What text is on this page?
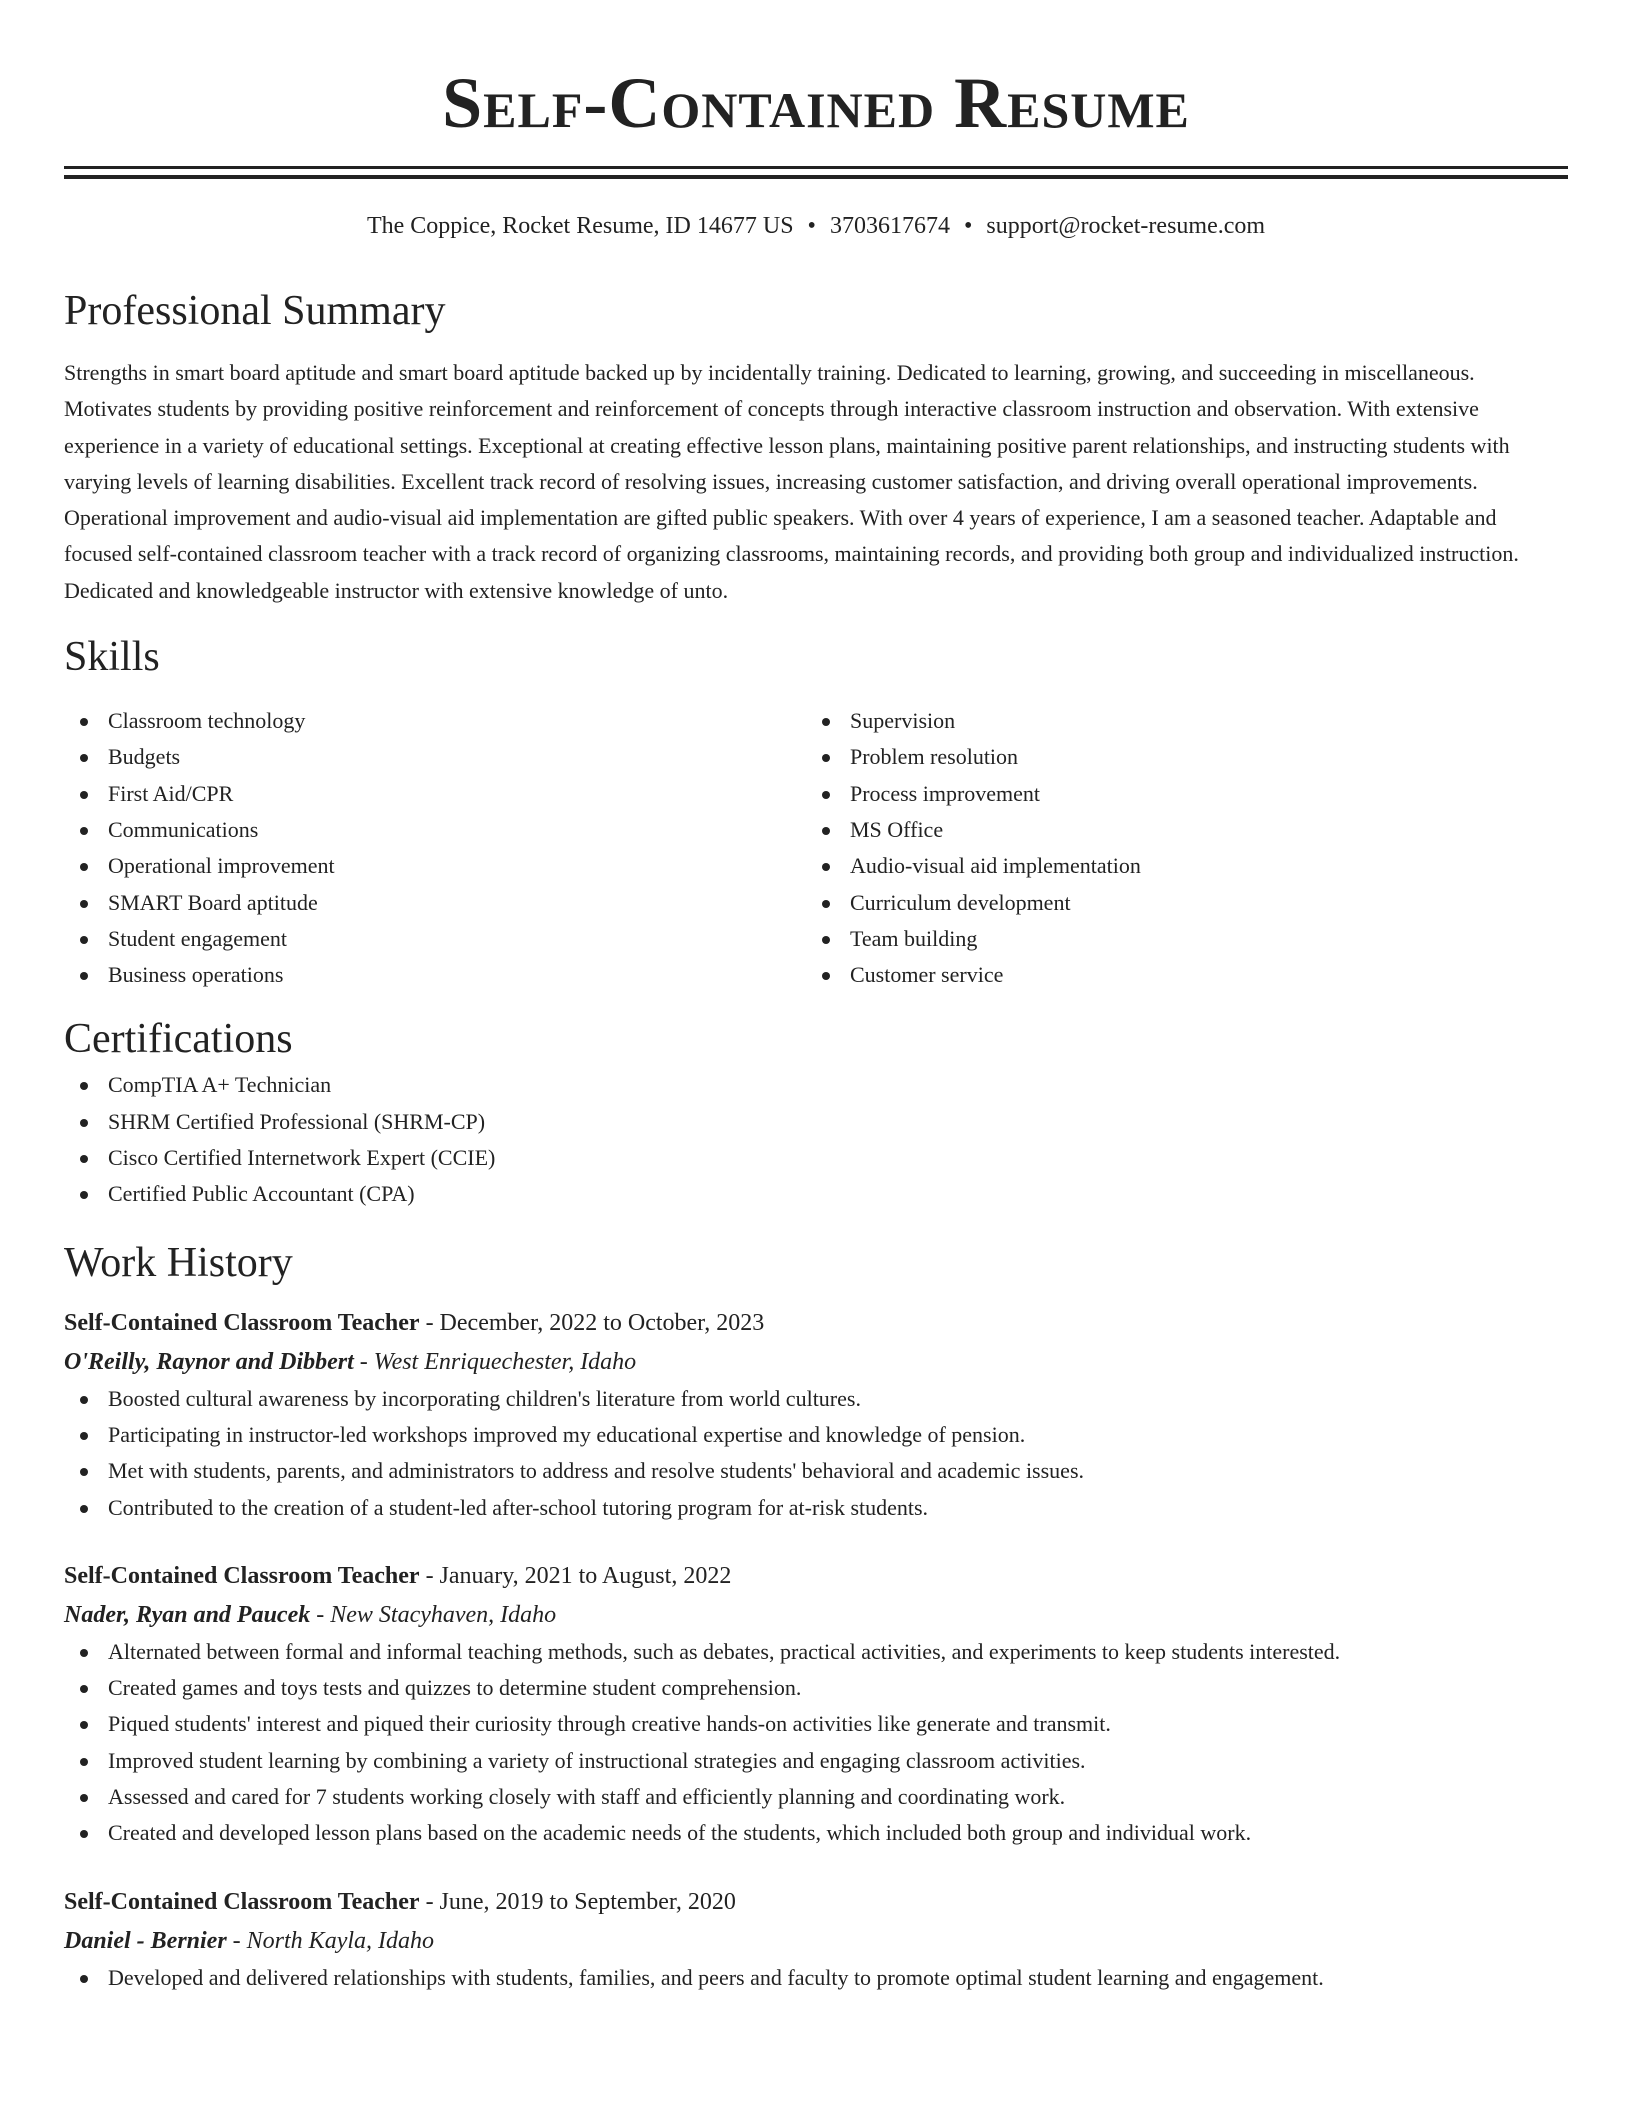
Self-Contained Resume
The Coppice, Rocket Resume, ID 14677 US • 3703617674 • support@rocket-resume.com
Professional Summary

Strengths in smart board aptitude and smart board aptitude backed up by incidentally training. Dedicated to learning, growing, and succeeding in miscellaneous. Motivates students by providing positive reinforcement and reinforcement of concepts through interactive classroom instruction and observation. With extensive experience in a variety of educational settings. Exceptional at creating effective lesson plans, maintaining positive parent relationships, and instructing students with varying levels of learning disabilities. Excellent track record of resolving issues, increasing customer satisfaction, and driving overall operational improvements. Operational improvement and audio-visual aid implementation are gifted public speakers. With over 4 years of experience, I am a seasoned teacher. Adaptable and focused self-contained classroom teacher with a track record of organizing classrooms, maintaining records, and providing both group and individualized instruction. Dedicated and knowledgeable instructor with extensive knowledge of unto.

Skills
Classroom technology
Budgets
First Aid/CPR
Communications
Operational improvement
SMART Board aptitude
Student engagement
Business operations
Supervision
Problem resolution
Process improvement
MS Office
Audio-visual aid implementation
Curriculum development
Team building
Customer service
Certifications
CompTIA A+ Technician
SHRM Certified Professional (SHRM-CP)
Cisco Certified Internetwork Expert (CCIE)
Certified Public Accountant (CPA)
Work History
Self-Contained Classroom Teacher - December, 2022 to October, 2023
O'Reilly, Raynor and Dibbert - West Enriquechester, Idaho
Boosted cultural awareness by incorporating children's literature from world cultures.
Participating in instructor-led workshops improved my educational expertise and knowledge of pension.
Met with students, parents, and administrators to address and resolve students' behavioral and academic issues.
Contributed to the creation of a student-led after-school tutoring program for at-risk students.
Self-Contained Classroom Teacher - January, 2021 to August, 2022
Nader, Ryan and Paucek - New Stacyhaven, Idaho
Alternated between formal and informal teaching methods, such as debates, practical activities, and experiments to keep students interested.
Created games and toys tests and quizzes to determine student comprehension.
Piqued students' interest and piqued their curiosity through creative hands-on activities like generate and transmit.
Improved student learning by combining a variety of instructional strategies and engaging classroom activities.
Assessed and cared for 7 students working closely with staff and efficiently planning and coordinating work.
Created and developed lesson plans based on the academic needs of the students, which included both group and individual work.
Self-Contained Classroom Teacher - June, 2019 to September, 2020
Daniel - Bernier - North Kayla, Idaho
Developed and delivered relationships with students, families, and peers and faculty to promote optimal student learning and engagement.
